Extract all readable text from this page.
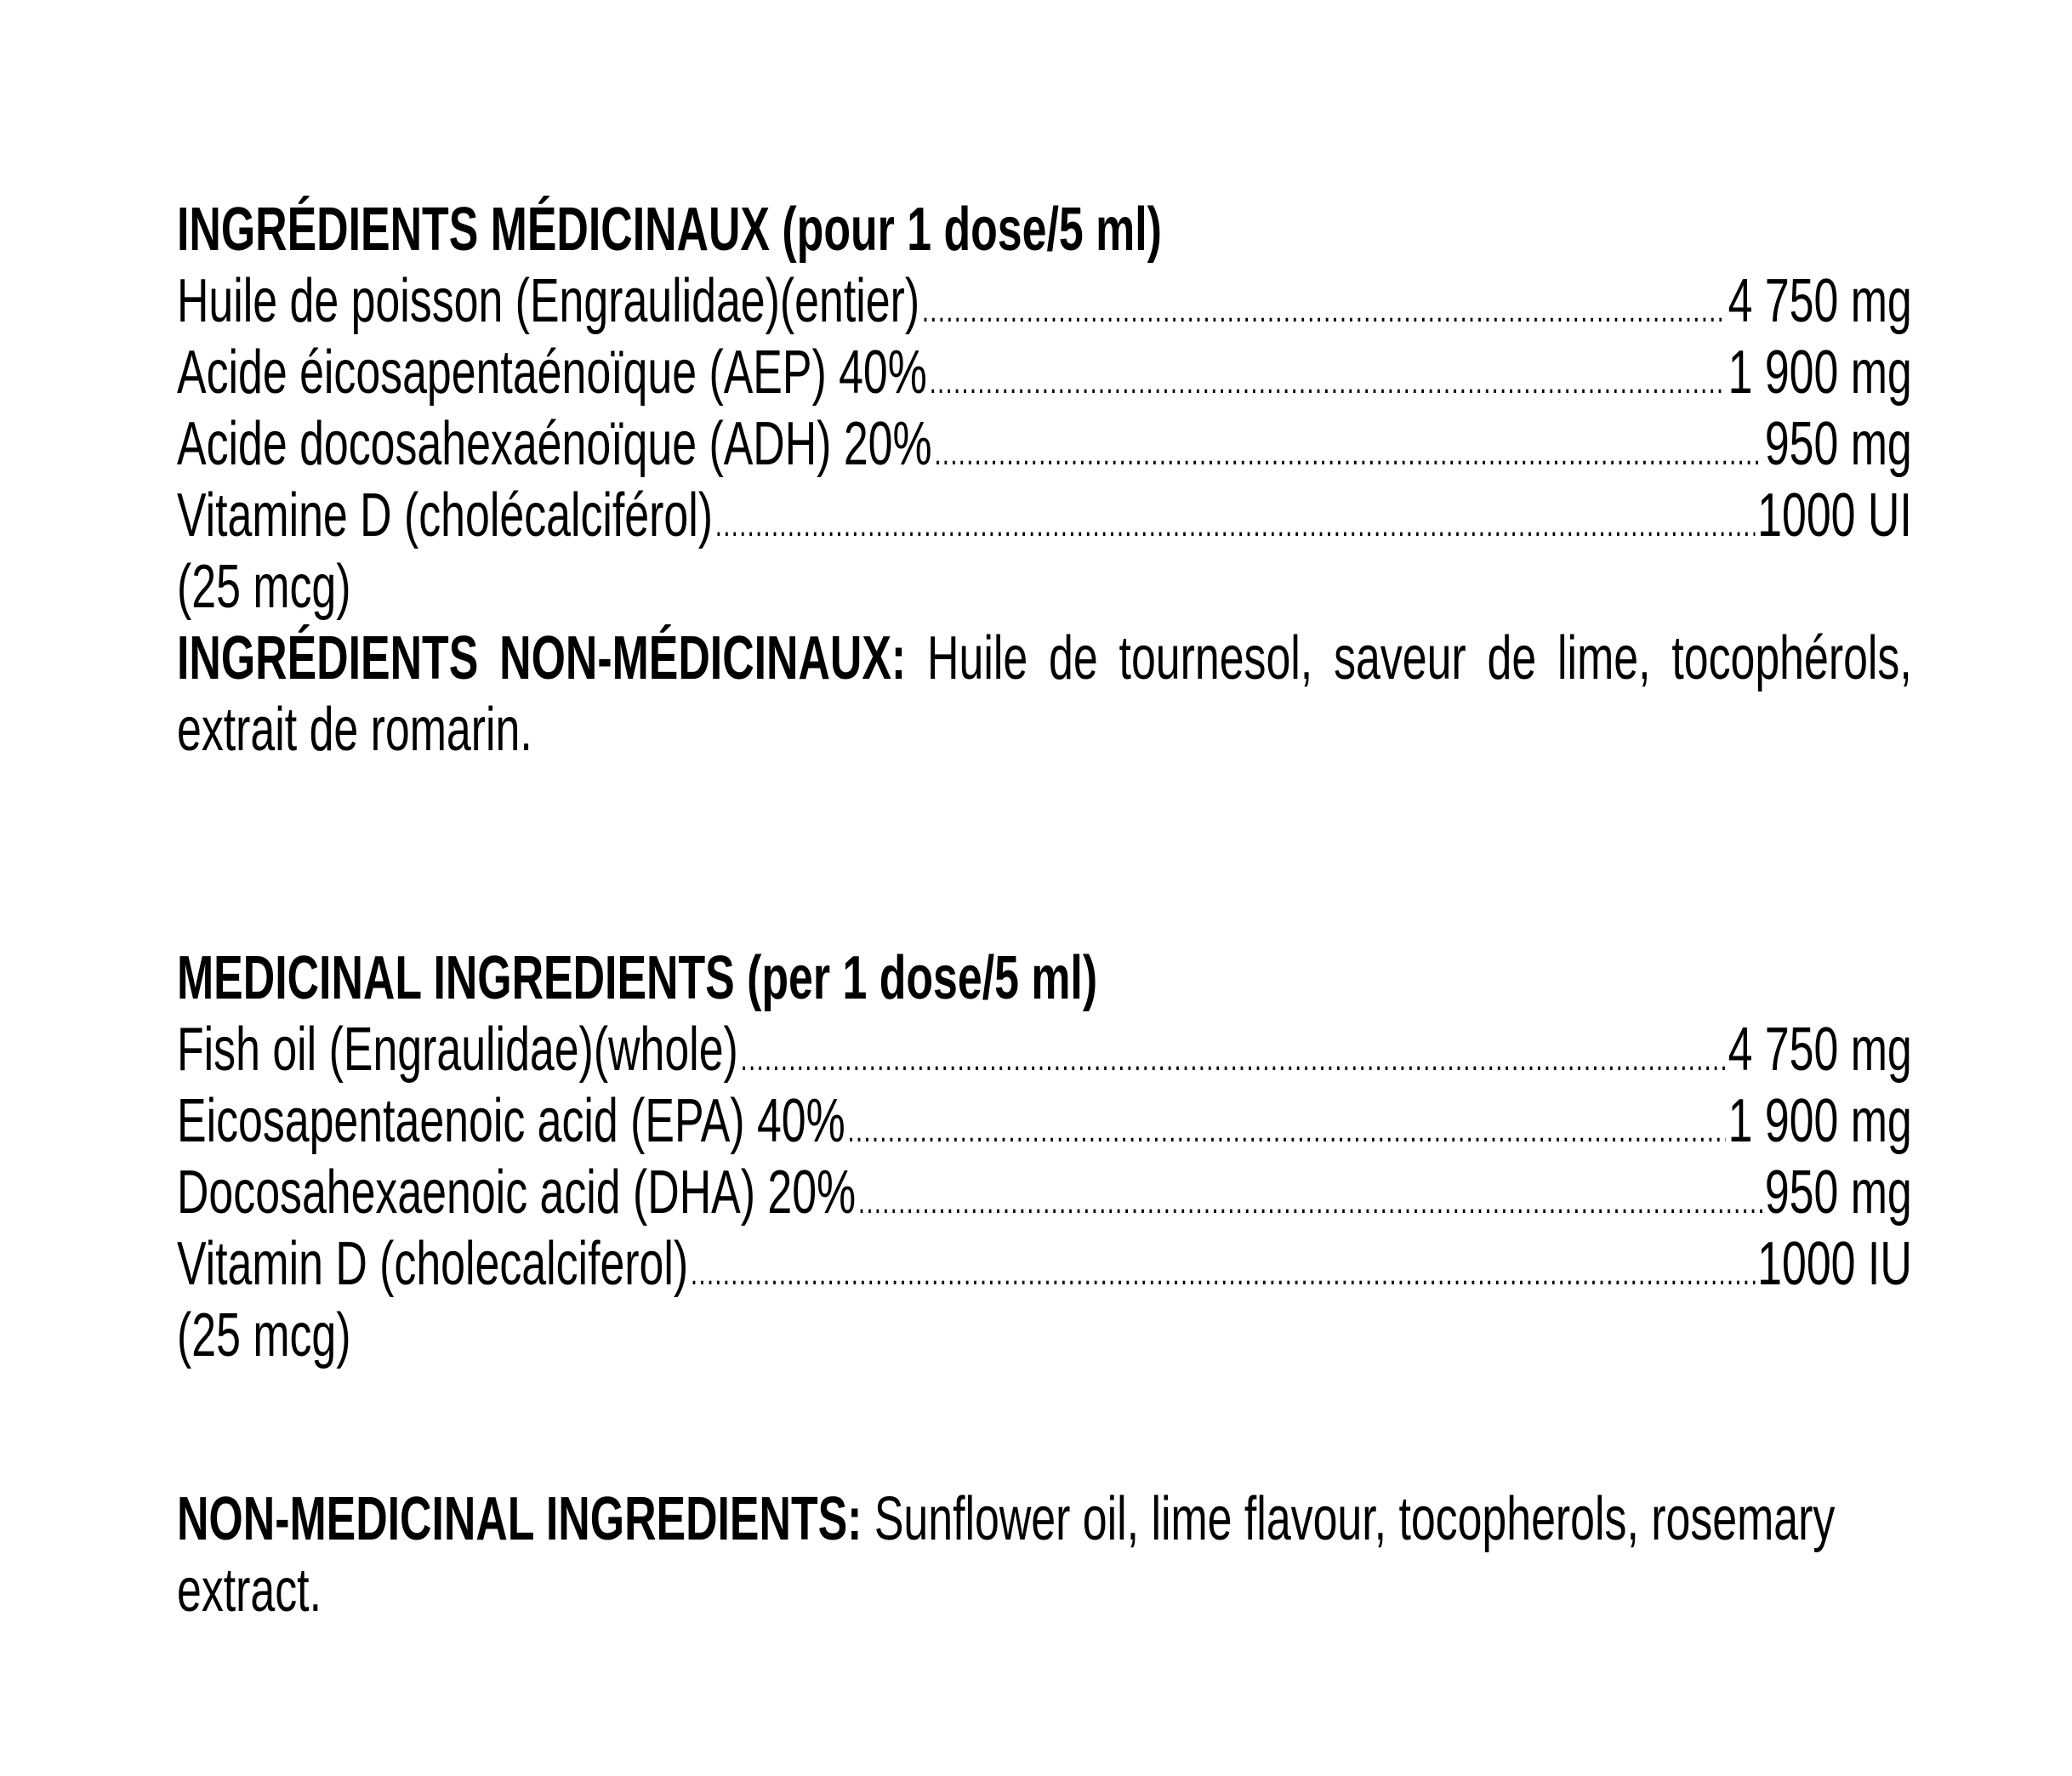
INGRÉDIENTS MÉDICINAUX (pour 1 dose/5 ml)
Huile de poisson (Engraulidae)(entier) .....	4 750 mg
Acide éicosapentaénoïque (AEP) 40% .....	1 900 mg
Acide docosahexaénoïque (ADH) 20% .....	950 mg
Vitamine D (cholécalciférol) .....	1000 UI
(25 mcg)

INGRÉDIENTS NON-MÉDICINAUX: Huile de tournesol, saveur de lime, tocophérols, extrait de romarin.

MEDICINAL INGREDIENTS (per 1 dose/5 ml)
Fish oil (Engraulidae)(whole) .....	4 750 mg
Eicosapentaenoic acid (EPA) 40% .....	1 900 mg
Docosahexaenoic acid (DHA) 20% .....	950 mg
Vitamin D (cholecalciferol) .....	1000 IU
(25 mcg)

NON-MEDICINAL INGREDIENTS: Sunflower oil, lime flavour, tocopherols, rosemary extract.
